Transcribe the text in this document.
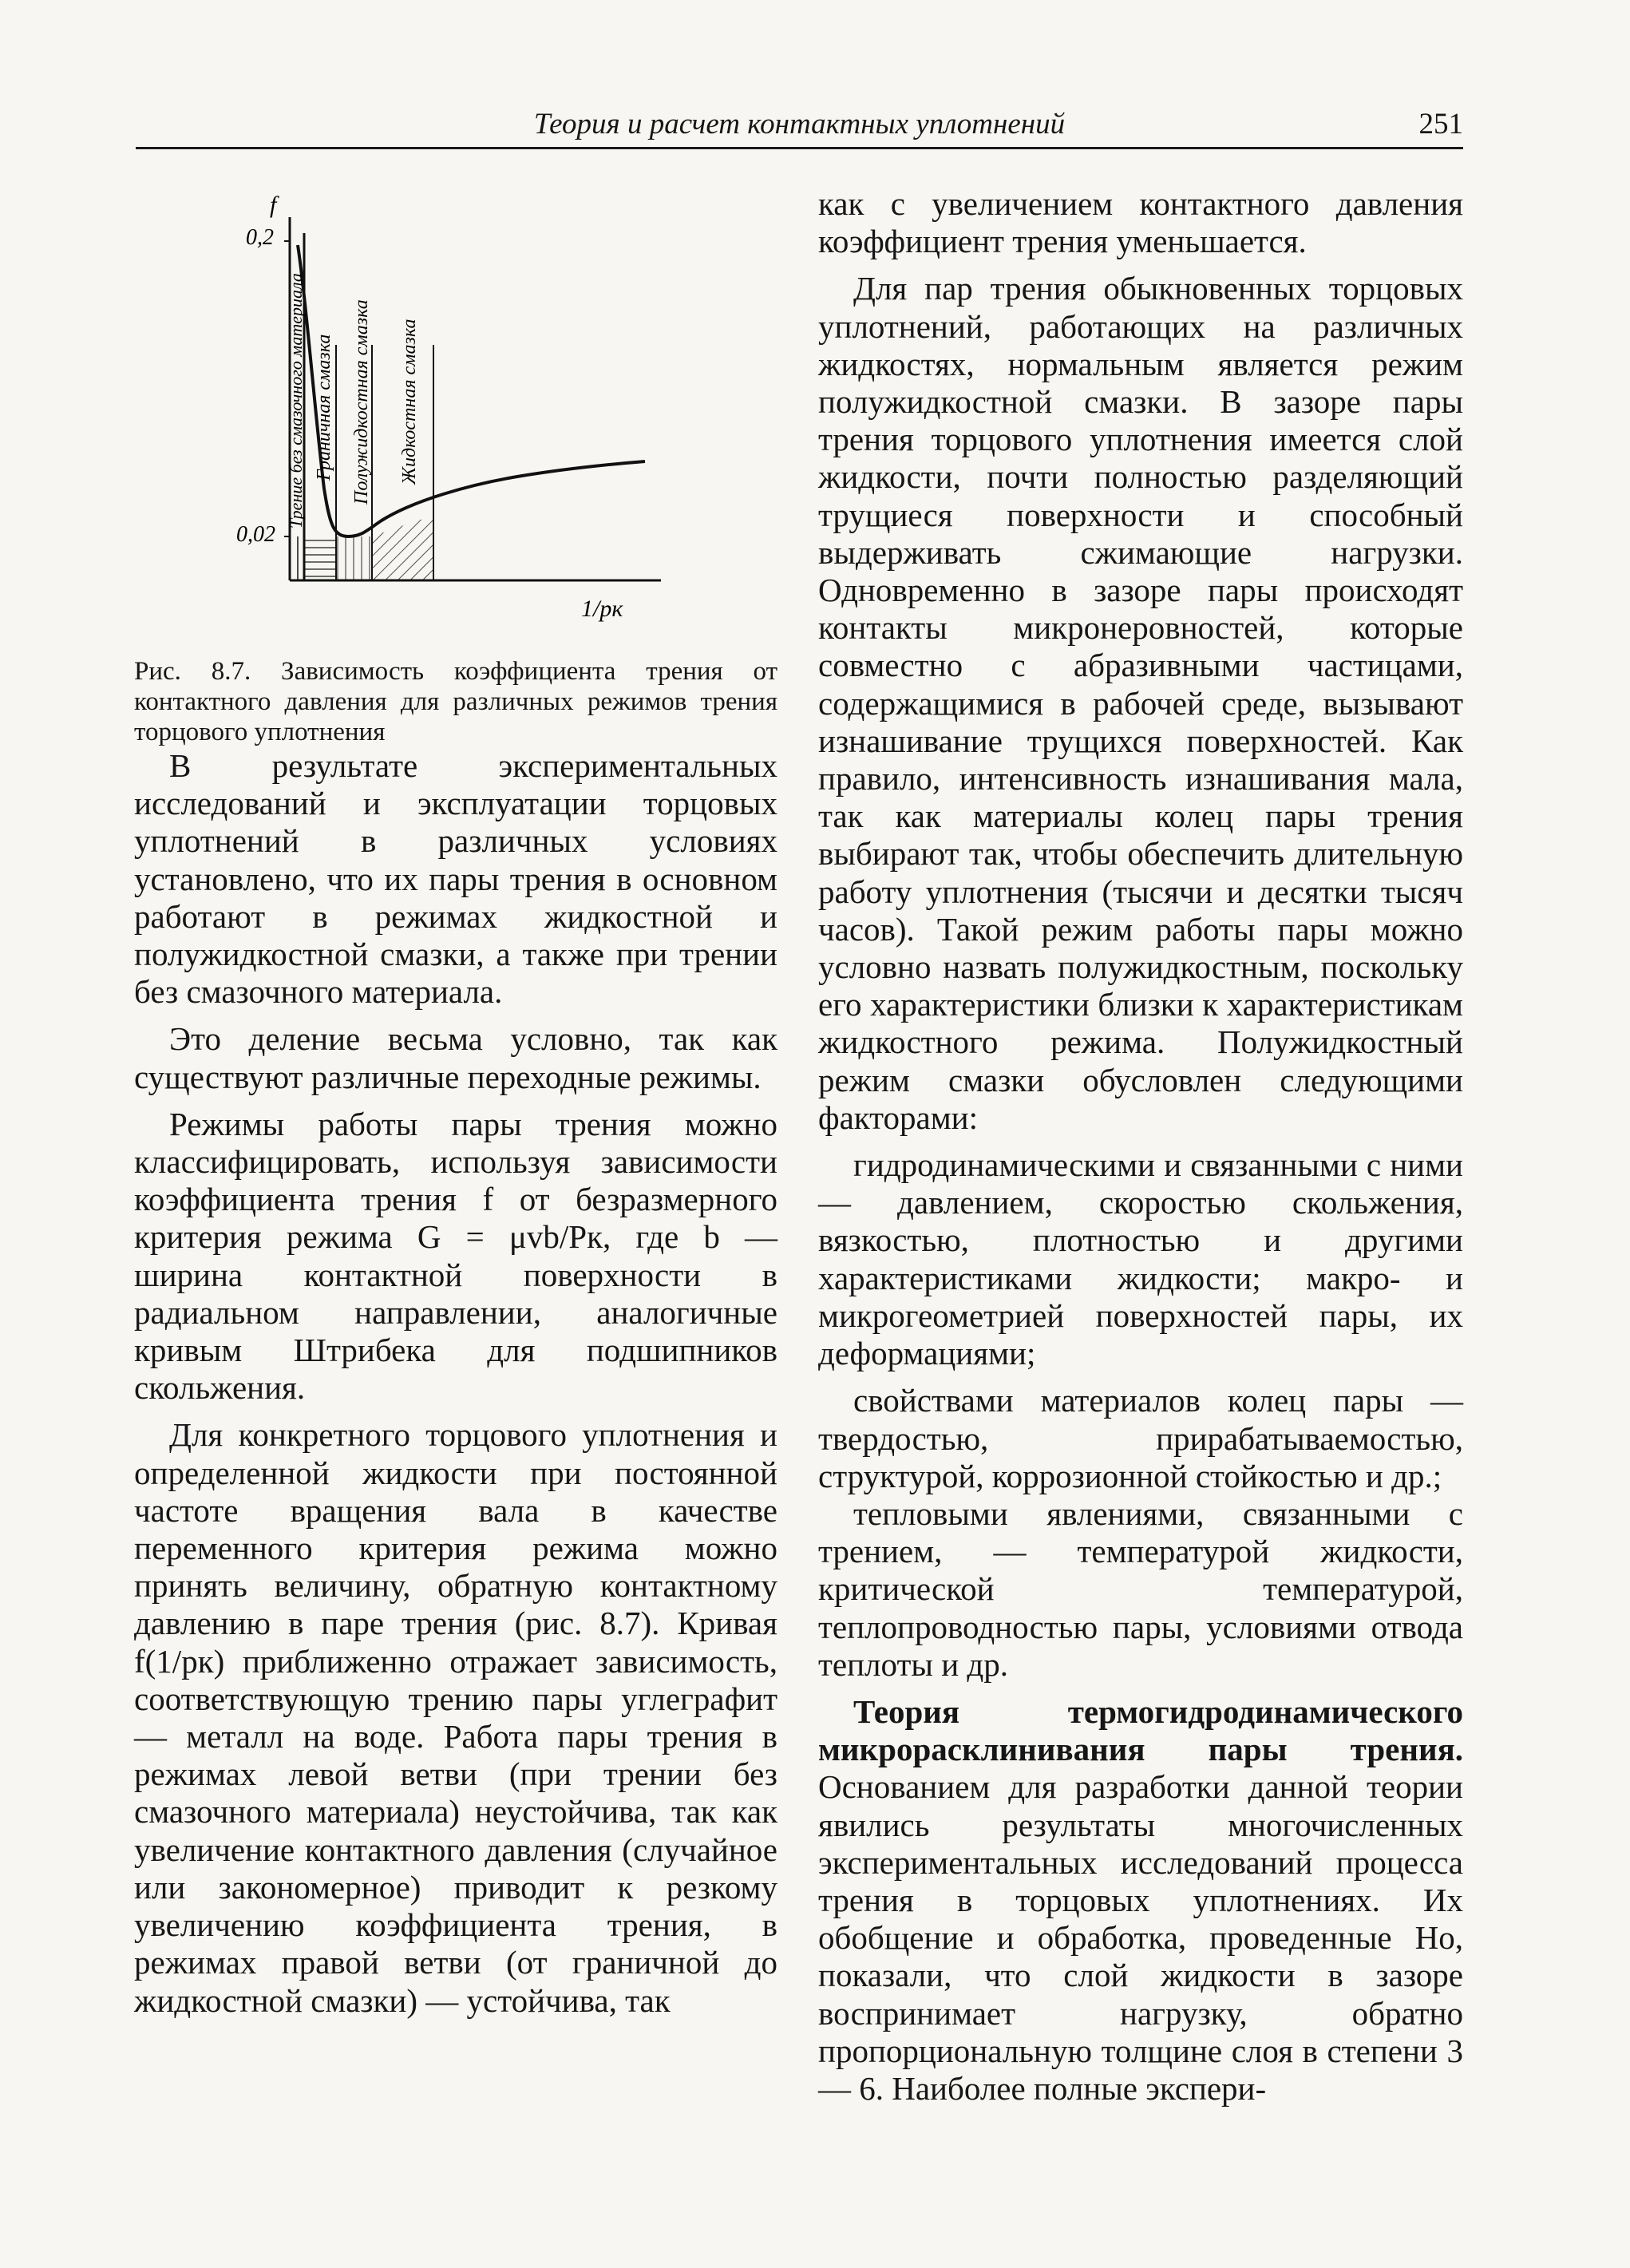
Теория и расчет контактных уплотнений	251
f
0,2
0,02
1/pк
Трение без смазочного материала Граничная смазка Полужидкостная смазка Жидкостная смазка

Рис. 8.7. Зависимость коэффициента трения от контактного давления для различных режимов трения торцового уплотнения

В результате экспериментальных исследований и эксплуатации торцовых уплотнений в различных условиях установлено, что их пары трения в основном работают в режимах жидкостной и полужидкостной смазки, а также при трении без смазочного материала.

Это деление весьма условно, так как существуют различные переходные режимы.

Режимы работы пары трения можно классифицировать, используя зависимости коэффициента трения f от безразмерного критерия режима G = μvb/Pк, где b — ширина контактной поверхности в радиальном направлении, аналогичные кривым Штрибека для подшипников скольжения.

Для конкретного торцового уплотнения и определенной жидкости при постоянной частоте вращения вала в качестве переменного критерия режима можно принять величину, обратную контактному давлению в паре трения (рис. 8.7). Кривая f(1/pк) приближенно отражает зависимость, соответствующую трению пары углеграфит — металл на воде. Работа пары трения в режимах левой ветви (при трении без смазочного материала) неустойчива, так как увеличение контактного давления (случайное или закономерное) приводит к резкому увеличению коэффициента трения, в режимах правой ветви (от граничной до жидкостной смазки) — устойчива, так

как с увеличением контактного давления коэффициент трения уменьшается.

Для пар трения обыкновенных торцовых уплотнений, работающих на различных жидкостях, нормальным является режим полужидкостной смазки. В зазоре пары трения торцового уплотнения имеется слой жидкости, почти полностью разделяющий трущиеся поверхности и способный выдерживать сжимающие нагрузки. Одновременно в зазоре пары происходят контакты микронеровностей, которые совместно с абразивными частицами, содержащимися в рабочей среде, вызывают изнашивание трущихся поверхностей. Как правило, интенсивность изнашивания мала, так как материалы колец пары трения выбирают так, чтобы обеспечить длительную работу уплотнения (тысячи и десятки тысяч часов). Такой режим работы пары можно условно назвать полужидкостным, поскольку его характеристики близки к характеристикам жидкостного режима. Полужидкостный режим смазки обусловлен следующими факторами:

гидродинамическими и связанными с ними — давлением, скоростью скольжения, вязкостью, плотностью и другими характеристиками жидкости; макро- и микрогеометрией поверхностей пары, их деформациями;

свойствами материалов колец пары — твердостью, прирабатываемостью, структурой, коррозионной стойкостью и др.;

тепловыми явлениями, связанными с трением, — температурой жидкости, критической температурой, теплопроводностью пары, условиями отвода теплоты и др.

Теория термогидродинамического микрорасклинивания пары трения. Основанием для разработки данной теории явились результаты многочисленных экспериментальных исследований процесса трения в торцовых уплотнениях. Их обобщение и обработка, проведенные Но, показали, что слой жидкости в зазоре воспринимает нагрузку, обратно пропорциональную толщине слоя в степени 3 — 6. Наиболее полные экспери-
